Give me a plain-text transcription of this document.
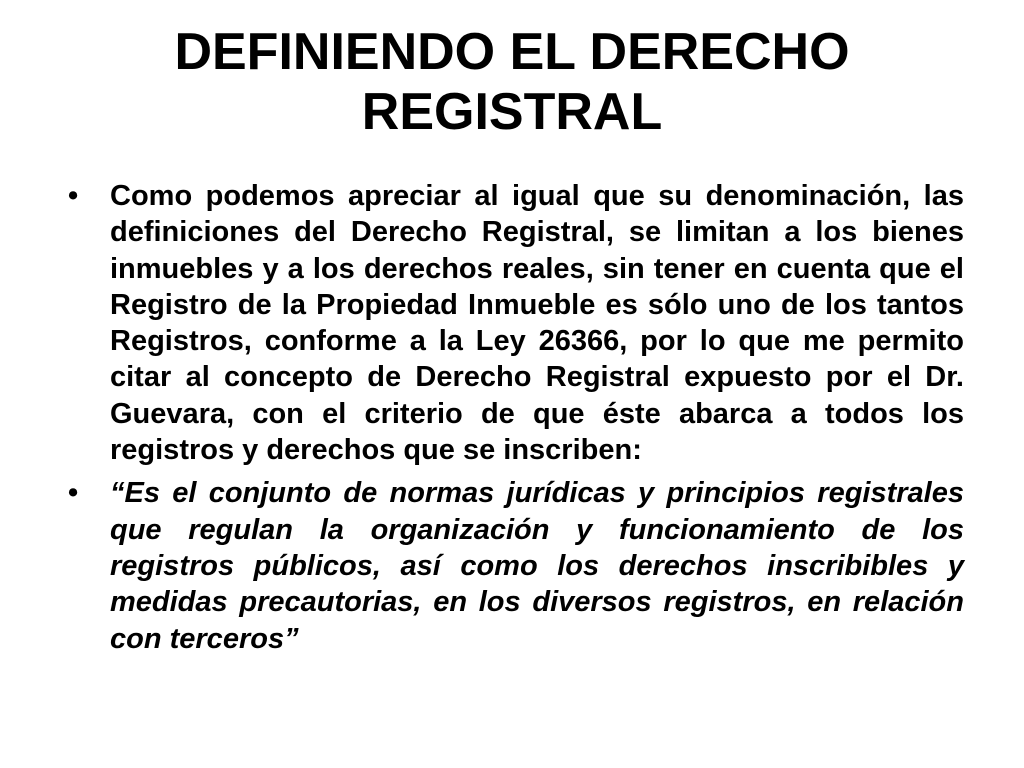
DEFINIENDO EL DERECHO REGISTRAL
• Como podemos apreciar al igual que su denominación, las definiciones del Derecho Registral, se limitan a los bienes inmuebles y a los derechos reales, sin tener en cuenta que el Registro de la Propiedad Inmueble es sólo uno de los tantos Registros, conforme a la Ley 26366, por lo que me permito citar al concepto de Derecho Registral expuesto por el Dr. Guevara, con el criterio de que éste abarca a todos los registros y derechos que se inscriben:
• “Es el conjunto de normas jurídicas y principios registrales que regulan la organización y funcionamiento de los registros públicos, así como los derechos inscribibles y medidas precautorias, en los diversos registros, en relación con terceros”
